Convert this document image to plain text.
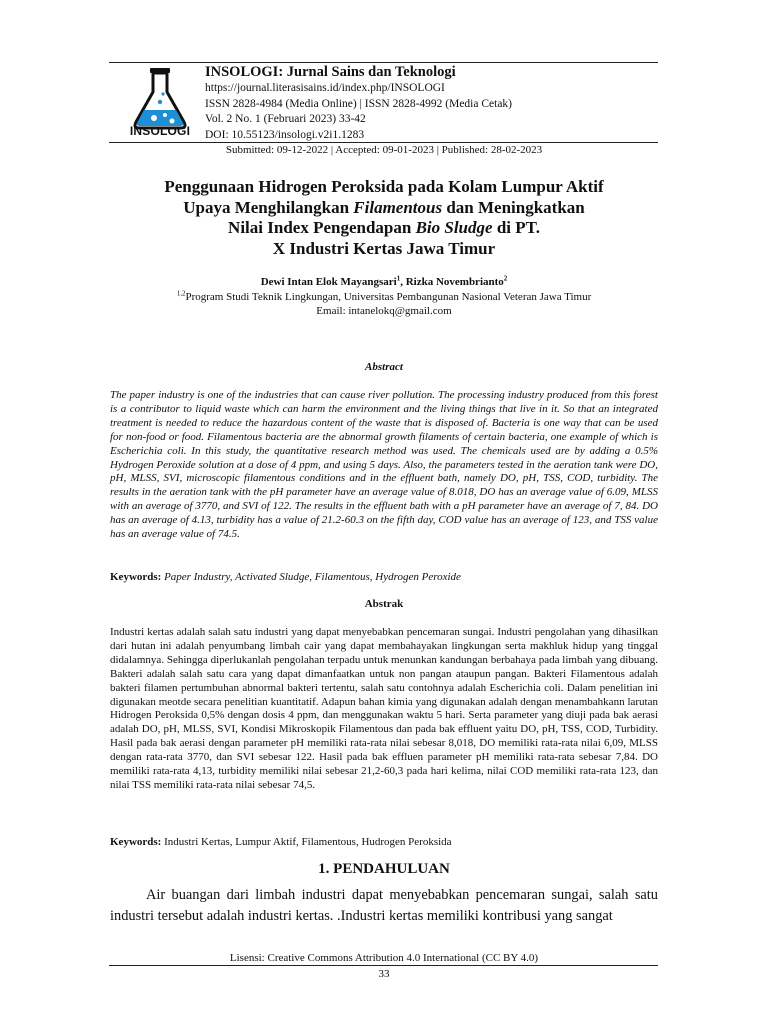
INSOLOGI
INSOLOGI: Jurnal Sains dan Teknologi
https://journal.literasisains.id/index.php/INSOLOGI
ISSN 2828-4984 (Media Online) | ISSN 2828-4992 (Media Cetak)
Vol. 2 No. 1 (Februari 2023) 33-42
DOI: 10.55123/insologi.v2i1.1283
Submitted: 09-12-2022 | Accepted: 09-01-2023 | Published: 28-02-2023
Penggunaan Hidrogen Peroksida pada Kolam Lumpur Aktif
Upaya Menghilangkan Filamentous dan Meningkatkan
Nilai Index Pengendapan Bio Sludge di PT.
X Industri Kertas Jawa Timur
Dewi Intan Elok Mayangsari$^1$, Rizka Novembrianto$^2$
$^{1,2}$Program Studi Teknik Lingkungan, Universitas Pembangunan Nasional Veteran Jawa Timur
Email: intanelokq@gmail.com
Abstract
The paper industry is one of the industries that can cause river pollution. The processing industry produced from this forest is a contributor to liquid waste which can harm the environment and the living things that live in it. So that an integrated treatment is needed to reduce the hazardous content of the waste that is disposed of. Bacteria is one way that can be used for non-food or food. Filamentous bacteria are the abnormal growth filaments of certain bacteria, one example of which is Escherichia coli. In this study, the quantitative research method was used. The chemicals used are by adding a 0.5% Hydrogen Peroxide solution at a dose of 4 ppm, and using 5 days. Also, the parameters tested in the aeration tank were DO, pH, MLSS, SVI, microscopic filamentous conditions and in the effluent bath, namely DO, pH, TSS, COD, turbidity. The results in the aeration tank with the pH parameter have an average value of 8.018, DO has an average value of 6.09, MLSS with an average of 3770, and SVI of 122. The results in the effluent bath with a pH parameter have an average of 7, 84. DO has an average of 4.13, turbidity has a value of 21.2-60.3 on the fifth day, COD value has an average of 123, and TSS value has an average value of 74.5.
Keywords: Paper Industry, Activated Sludge, Filamentous, Hydrogen Peroxide
Abstrak
Industri kertas adalah salah satu industri yang dapat menyebabkan pencemaran sungai. Industri pengolahan yang dihasilkan dari hutan ini adalah penyumbang limbah cair yang dapat membahayakan lingkungan serta makhluk hidup yang tinggal didalamnya. Sehingga diperlukanlah pengolahan terpadu untuk menunkan kandungan berbahaya pada limbah yang dibuang. Bakteri adalah salah satu cara yang dapat dimanfaatkan untuk non pangan ataupun pangan. Bakteri Filamentous adalah bakteri filamen pertumbuhan abnormal bakteri tertentu, salah satu contohnya adalah Escherichia coli. Dalam penelitian ini digunakan meotde secara penelitian kuantitatif. Adapun bahan kimia yang digunakan adalah dengan menambahkann larutan Hidrogen Peroksida 0,5% dengan dosis 4 ppm, dan menggunakan waktu 5 hari. Serta parameter yang diuji pada bak aerasi adalah DO, pH, MLSS, SVI, Kondisi Mikroskopik Filamentous dan pada bak effluent yaitu DO, pH, TSS, COD, Turbidity. Hasil pada bak aerasi dengan parameter pH memiliki rata-rata nilai sebesar 8,018, DO memiliki rata-rata nilai 6,09, MLSS dengan rata-rata 3770, dan SVI sebesar 122. Hasil pada bak effluen parameter pH memiliki rata-rata sebesar 7,84. DO memiliki rata-rata 4,13, turbidity memiliki nilai sebesar 21,2-60,3 pada hari kelima, nilai COD memiliki rata-rata 123, dan nilai TSS memiliki rata-rata nilai sebesar 74,5.
Keywords: Industri Kertas, Lumpur Aktif, Filamentous, Hudrogen Peroksida
1. PENDAHULUAN
Air buangan dari limbah industri dapat menyebabkan pencemaran sungai, salah satu industri tersebut adalah industri kertas. .Industri kertas memiliki kontribusi yang sangat
Lisensi: Creative Commons Attribution 4.0 International (CC BY 4.0)
33
